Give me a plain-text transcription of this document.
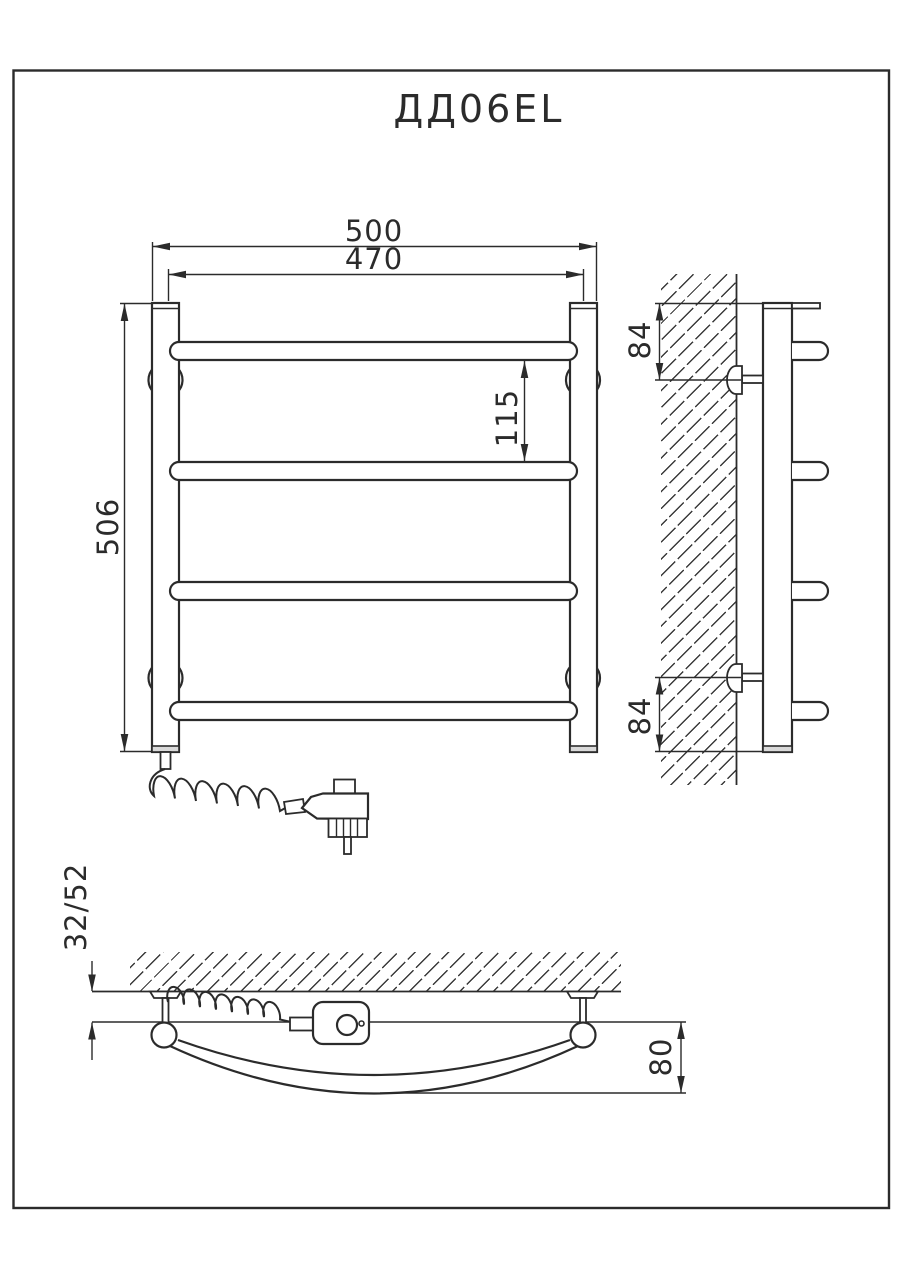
ДД06EL
500
470
506
115
84
84
32/52
80
